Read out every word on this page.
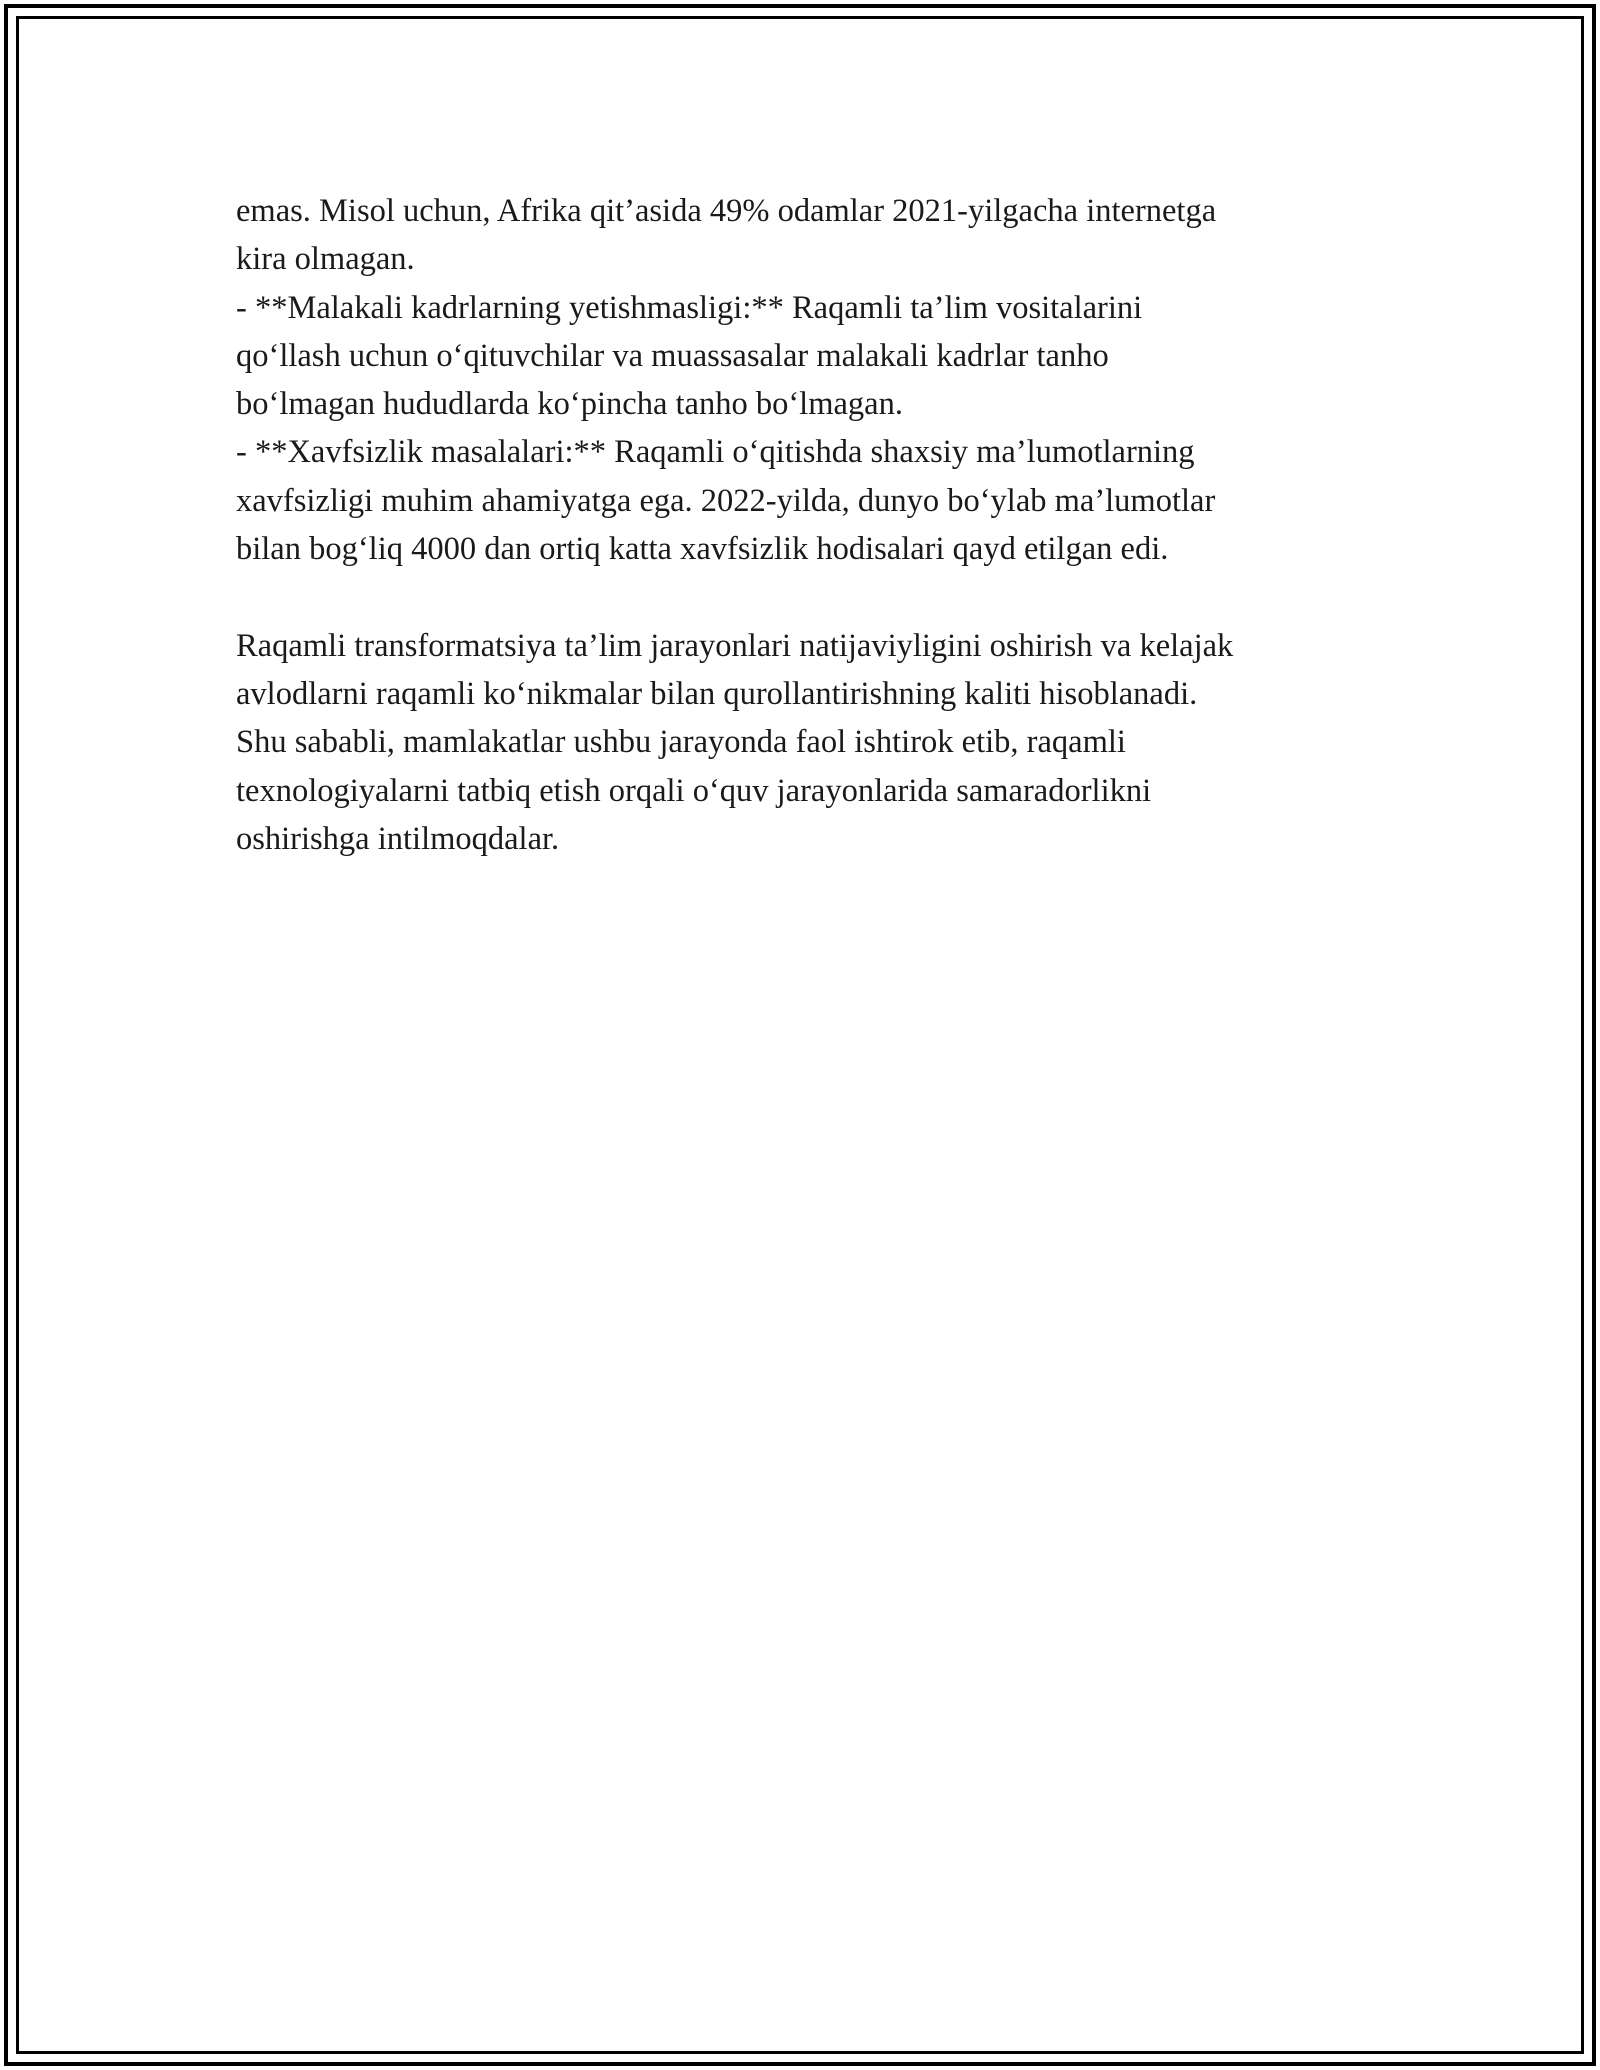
emas. Misol uchun, Afrika qit’asida 49% odamlar 2021-yilgacha internetga
kira olmagan.
- **Malakali kadrlarning yetishmasligi:** Raqamli ta’lim vositalarini
qo‘llash uchun o‘qituvchilar va muassasalar malakali kadrlar tanho
bo‘lmagan hududlarda ko‘pincha tanho bo‘lmagan.
- **Xavfsizlik masalalari:** Raqamli o‘qitishda shaxsiy ma’lumotlarning
xavfsizligi muhim ahamiyatga ega. 2022-yilda, dunyo bo‘ylab ma’lumotlar
bilan bog‘liq 4000 dan ortiq katta xavfsizlik hodisalari qayd etilgan edi.
Raqamli transformatsiya ta’lim jarayonlari natijaviyligini oshirish va kelajak
avlodlarni raqamli ko‘nikmalar bilan qurollantirishning kaliti hisoblanadi.
Shu sababli, mamlakatlar ushbu jarayonda faol ishtirok etib, raqamli
texnologiyalarni tatbiq etish orqali o‘quv jarayonlarida samaradorlikni
oshirishga intilmoqdalar.
